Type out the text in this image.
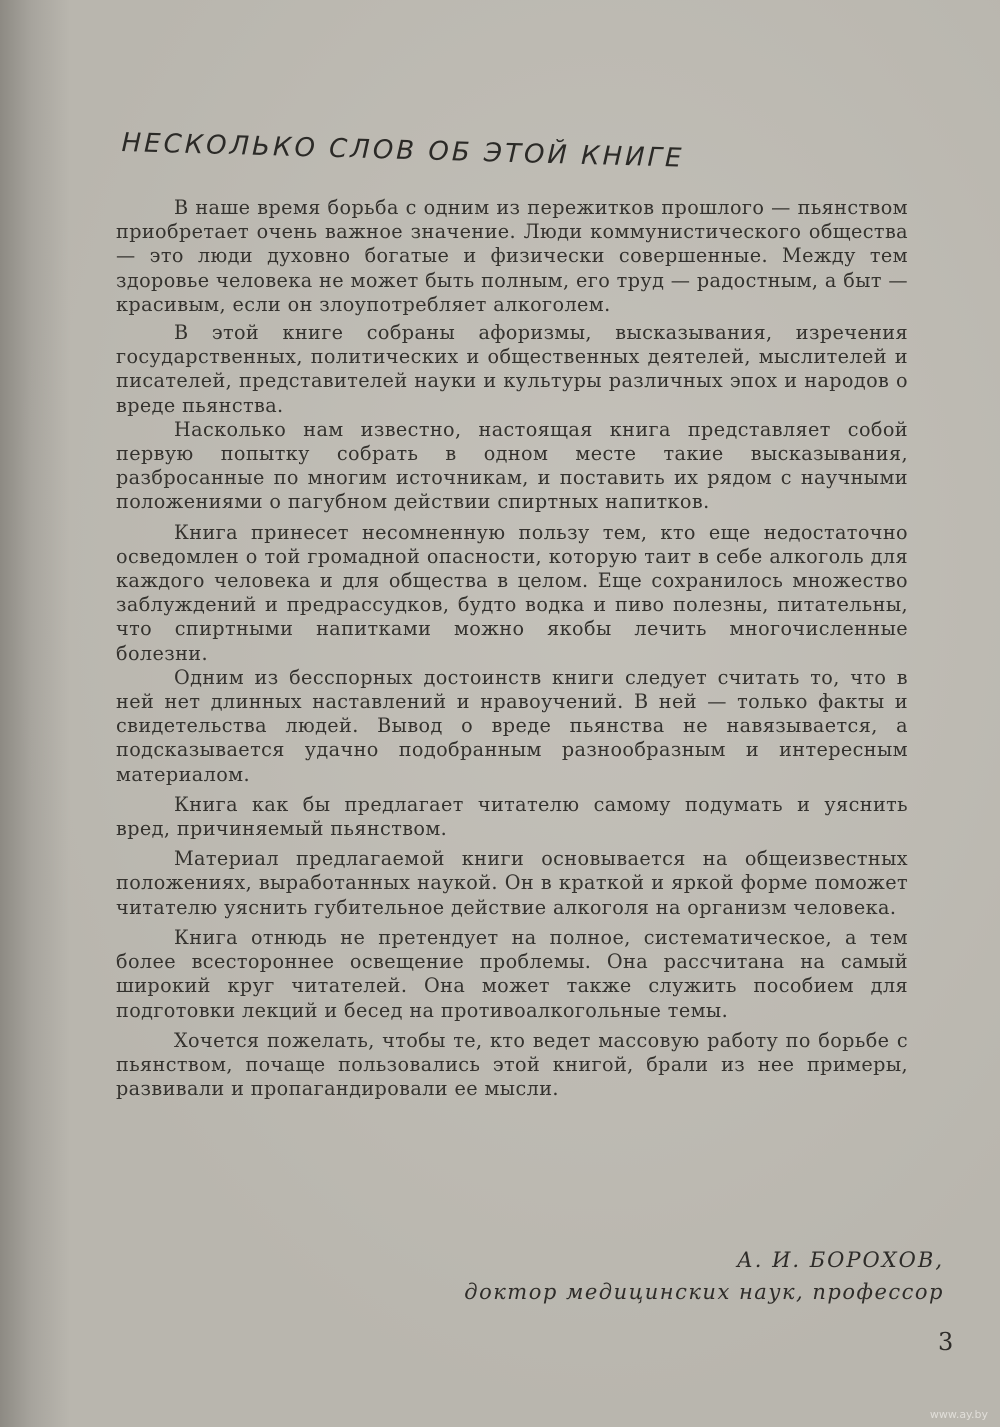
НЕСКОЛЬКО СЛОВ ОБ ЭТОЙ КНИГЕ

В наше время борьба с одним из пережитков прошлого — пьянством приобретает очень важное значение. Люди коммунистического общества — это люди духовно богатые и физически совершенные. Между тем здоровье человека не может быть полным, его труд — радостным, а быт — красивым, если он злоупотребляет алкоголем.

В этой книге собраны афоризмы, высказывания, изречения государственных, политических и общественных деятелей, мыслителей и писателей, представителей науки и культуры различных эпох и народов о вреде пьянства.

Насколько нам известно, настоящая книга представляет собой первую попытку собрать в одном месте такие высказывания, разбросанные по многим источникам, и поставить их рядом с научными положениями о пагубном действии спиртных напитков.

Книга принесет несомненную пользу тем, кто еще недостаточно осведомлен о той громадной опасности, которую таит в себе алкоголь для каждого человека и для общества в целом. Еще сохранилось множество заблуждений и предрассудков, будто водка и пиво полезны, питательны, что спиртными напитками можно якобы лечить многочисленные болезни.

Одним из бесспорных достоинств книги следует считать то, что в ней нет длинных наставлений и нравоучений. В ней — только факты и свидетельства людей. Вывод о вреде пьянства не навязывается, а подсказывается удачно подобранным разнообразным и интересным материалом.

Книга как бы предлагает читателю самому подумать и уяснить вред, причиняемый пьянством.

Материал предлагаемой книги основывается на общеизвестных положениях, выработанных наукой. Он в краткой и яркой форме поможет читателю уяснить губительное действие алкоголя на организм человека.

Книга отнюдь не претендует на полное, систематическое, а тем более всестороннее освещение проблемы. Она рассчитана на самый широкий круг читателей. Она может также служить пособием для подготовки лекций и бесед на противоалкогольные темы.

Хочется пожелать, чтобы те, кто ведет массовую работу по борьбе с пьянством, почаще пользовались этой книгой, брали из нее примеры, развивали и пропагандировали ее мысли.

А. И. БОРОХОВ,
доктор медицинских наук, профессор
3
www.ay.by
